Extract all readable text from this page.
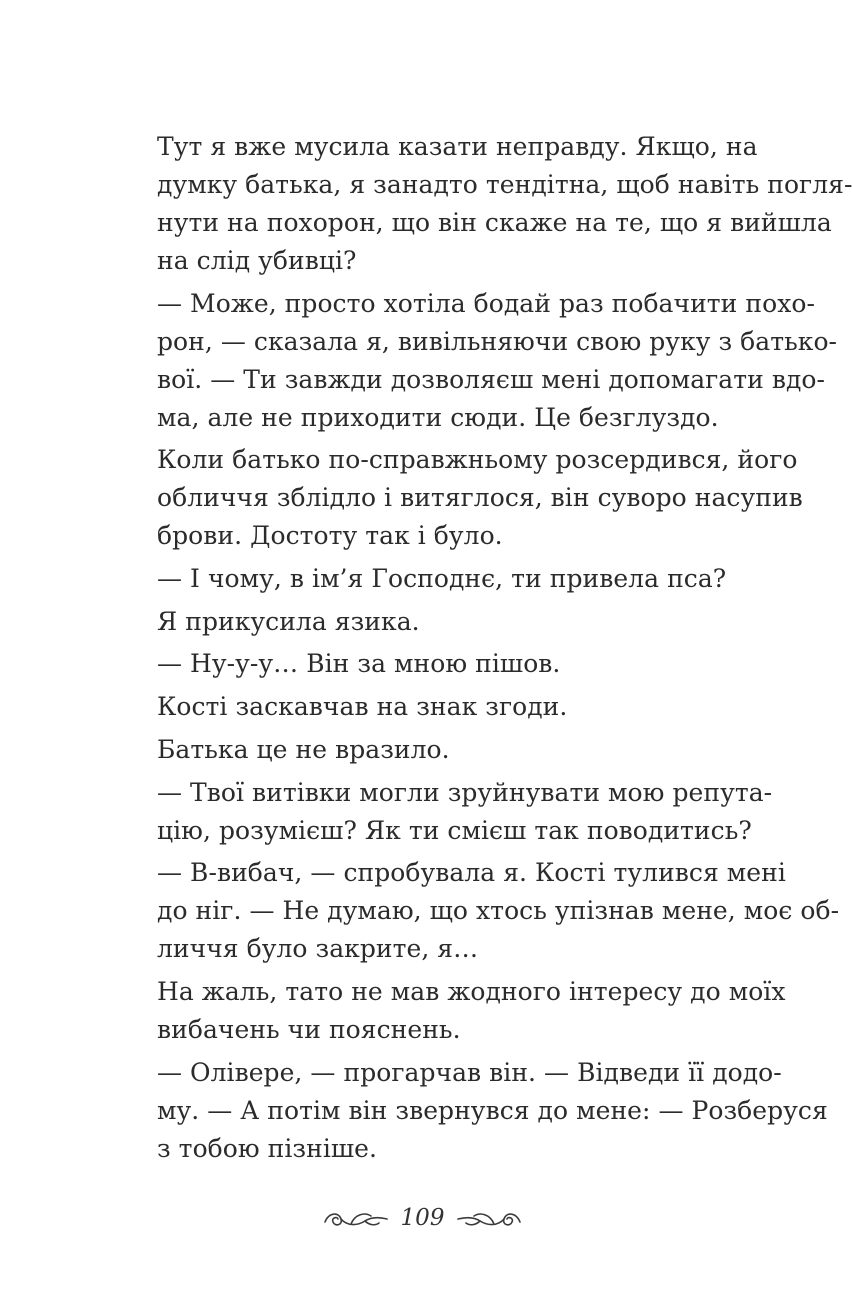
Тут я вже мусила казати неправду. Якщо, на
думку батька, я занадто тендітна, щоб навіть погля-
нути на похорон, що він скаже на те, що я вийшла
на слід убивці?
— Може, просто хотіла бодай раз побачити похо-
рон, — сказала я, вивільняючи свою руку з батько-
вої. — Ти завжди дозволяєш мені допомагати вдо-
ма, але не приходити сюди. Це безглуздо.
Коли батько по-справжньому розсердився, його
обличчя зблідло і витяглося, він суворо насупив
брови. Достоту так і було.
— І чому, в ім’я Господнє, ти привела пса?
Я прикусила язика.
— Ну-у-у… Він за мною пішов.
Кості заскавчав на знак згоди.
Батька це не вразило.
— Твої витівки могли зруйнувати мою репута-
цію, розумієш? Як ти смієш так поводитись?
— В-вибач, — спробувала я. Кості тулився мені
до ніг. — Не думаю, що хтось упізнав мене, моє об-
личчя було закрите, я…
На жаль, тато не мав жодного інтересу до моїх
вибачень чи пояснень.
— Олівере, — прогарчав він. — Відведи її додо-
му. — А потім він звернувся до мене: — Розберуся
з тобою пізніше.
109
